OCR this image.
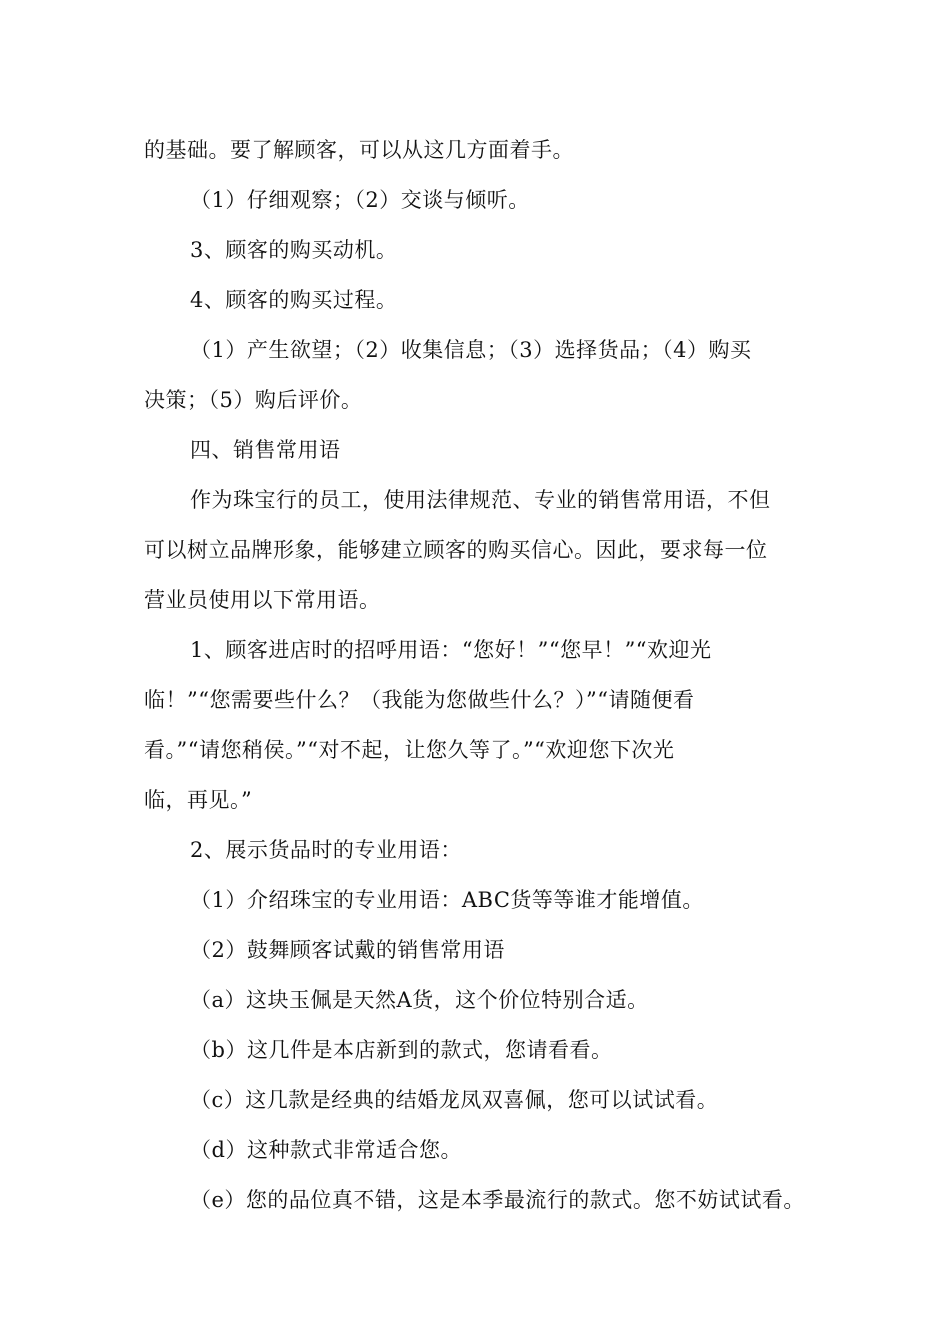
的基础。要了解顾客，可以从这几方面着手。
（1）仔细观察；（2）交谈与倾听。
3、顾客的购买动机。
4、顾客的购买过程。
（1）产生欲望；（2）收集信息；（3）选择货品；（4）购买
决策；（5）购后评价。
四、销售常用语
作为珠宝行的员工，使用法律规范、专业的销售常用语，不但
可以树立品牌形象，能够建立顾客的购买信心。因此，要求每一位
营业员使用以下常用语。
1、顾客进店时的招呼用语：“您好！”“您早！”“欢迎光
临！”“您需要些什么？（我能为您做些什么？）”“请随便看
看。”“请您稍侯。”“对不起，让您久等了。”“欢迎您下次光
临，再见。”
2、展示货品时的专业用语：
（1）介绍珠宝的专业用语：ABC货等等谁才能增值。
（2）鼓舞顾客试戴的销售常用语
（a）这块玉佩是天然A货，这个价位特别合适。
（b）这几件是本店新到的款式，您请看看。
（c）这几款是经典的结婚龙凤双喜佩，您可以试试看。
（d）这种款式非常适合您。
（e）您的品位真不错，这是本季最流行的款式。您不妨试试看。
